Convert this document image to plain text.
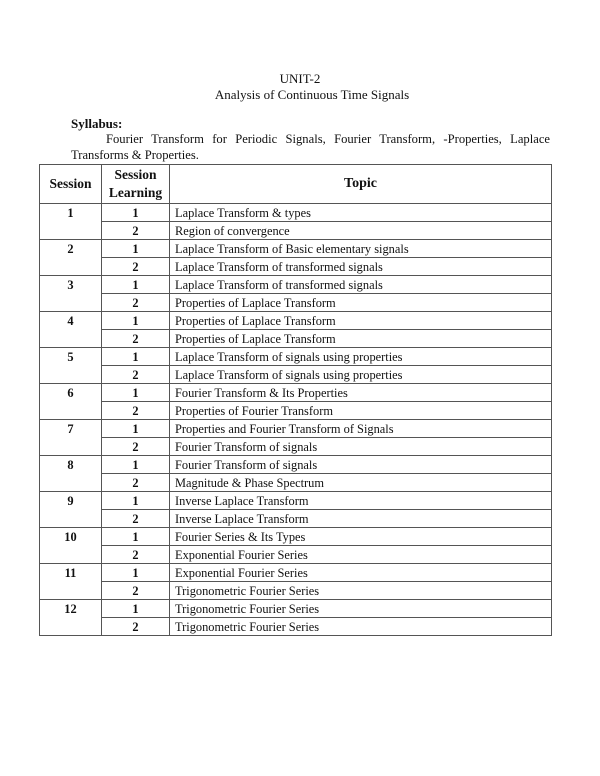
UNIT-2
Analysis of Continuous Time Signals
Syllabus:
Fourier Transform for Periodic Signals, Fourier Transform, -Properties, Laplace Transforms & Properties.
Session	Session Learning	Topic
1	1	Laplace Transform & types
	2	Region of convergence
2	1	Laplace Transform of Basic elementary signals
	2	Laplace Transform of transformed signals
3	1	Laplace Transform of transformed signals
	2	Properties of Laplace Transform
4	1	Properties of Laplace Transform
	2	Properties of Laplace Transform
5	1	Laplace Transform of signals using properties
	2	Laplace Transform of signals using properties
6	1	Fourier Transform & Its Properties
	2	Properties of Fourier Transform
7	1	Properties and Fourier Transform of Signals
	2	Fourier Transform of signals
8	1	Fourier Transform of signals
	2	Magnitude & Phase Spectrum
9	1	Inverse Laplace Transform
	2	Inverse Laplace Transform
10	1	Fourier Series & Its Types
	2	Exponential Fourier Series
11	1	Exponential Fourier Series
	2	Trigonometric Fourier Series
12	1	Trigonometric Fourier Series
	2	Trigonometric Fourier Series
